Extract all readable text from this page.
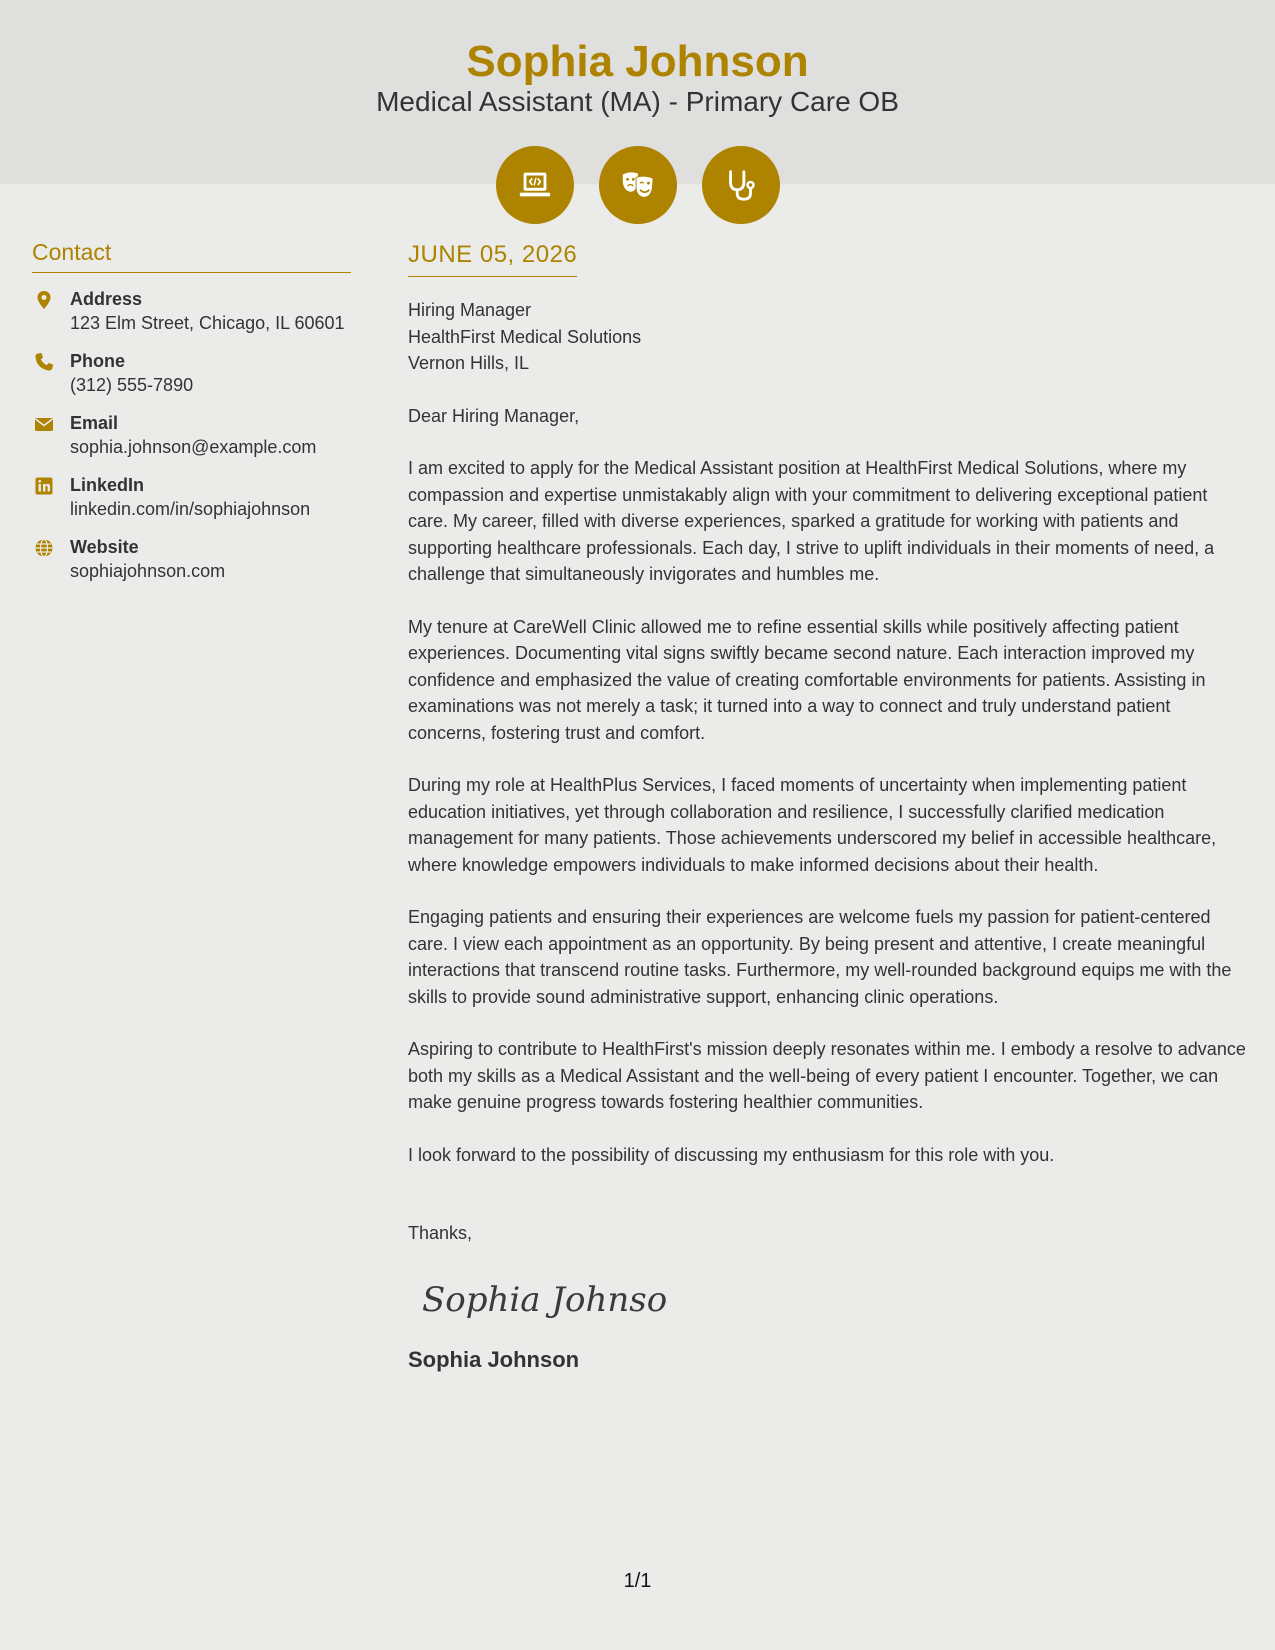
Sophia Johnson
Medical Assistant (MA) - Primary Care OB
Contact
Address
123 Elm Street, Chicago, IL 60601
Phone
(312) 555-7890
Email
sophia.johnson@example.com
LinkedIn
linkedin.com/in/sophiajohnson
Website
sophiajohnson.com
JUNE 05, 2026
Hiring Manager
HealthFirst Medical Solutions
Vernon Hills, IL
Dear Hiring Manager,
I am excited to apply for the Medical Assistant position at HealthFirst Medical Solutions, where my compassion and expertise unmistakably align with your commitment to delivering exceptional patient care. My career, filled with diverse experiences, sparked a gratitude for working with patients and supporting healthcare professionals. Each day, I strive to uplift individuals in their moments of need, a challenge that simultaneously invigorates and humbles me.
My tenure at CareWell Clinic allowed me to refine essential skills while positively affecting patient experiences. Documenting vital signs swiftly became second nature. Each interaction improved my confidence and emphasized the value of creating comfortable environments for patients. Assisting in examinations was not merely a task; it turned into a way to connect and truly understand patient concerns, fostering trust and comfort.
During my role at HealthPlus Services, I faced moments of uncertainty when implementing patient education initiatives, yet through collaboration and resilience, I successfully clarified medication management for many patients. Those achievements underscored my belief in accessible healthcare, where knowledge empowers individuals to make informed decisions about their health.
Engaging patients and ensuring their experiences are welcome fuels my passion for patient-centered care. I view each appointment as an opportunity. By being present and attentive, I create meaningful interactions that transcend routine tasks. Furthermore, my well-rounded background equips me with the skills to provide sound administrative support, enhancing clinic operations.
Aspiring to contribute to HealthFirst's mission deeply resonates within me. I embody a resolve to advance both my skills as a Medical Assistant and the well-being of every patient I encounter. Together, we can make genuine progress towards fostering healthier communities.
I look forward to the possibility of discussing my enthusiasm for this role with you.
Thanks,
Sophia Johnson
Sophia Johnson
1/1
